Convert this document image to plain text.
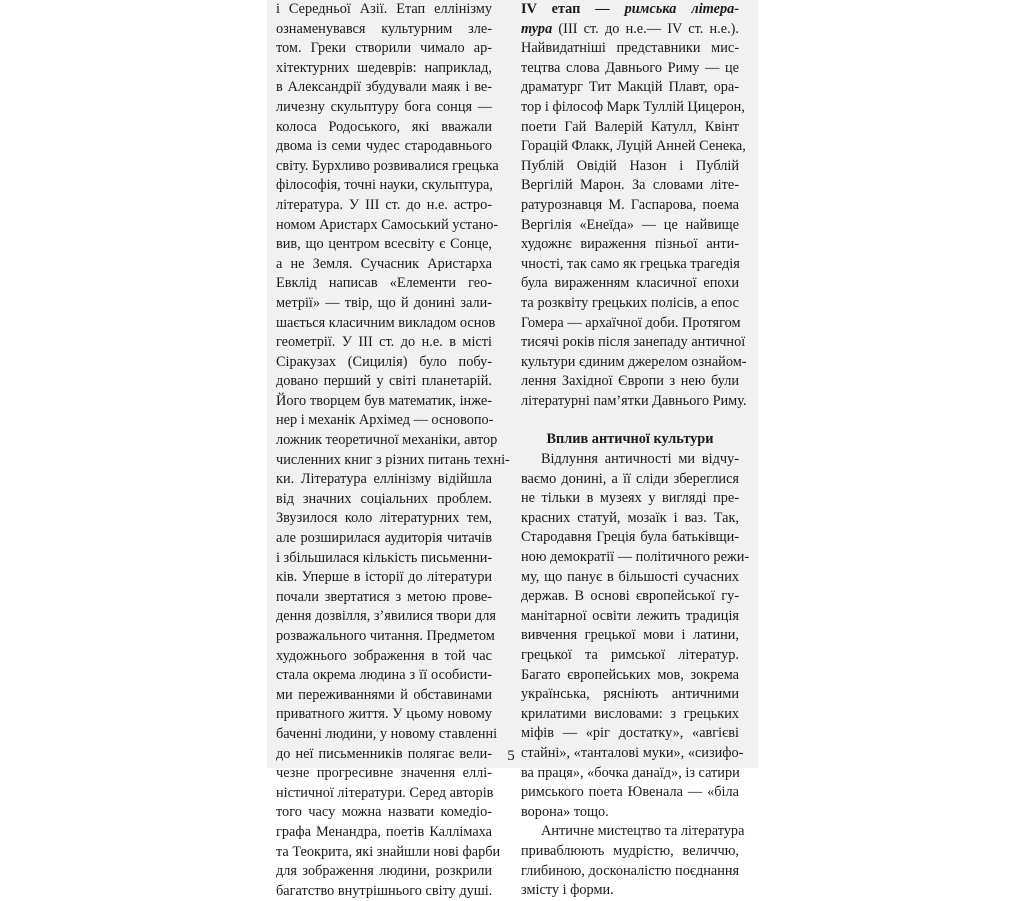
і Середньої Азії. Етап еллінізму
ознаменувався культурним зле-
том. Греки створили чимало ар-
хітектурних шедеврів: наприклад,
в Александрії збудували маяк і ве-
личезну скульптуру бога сонця —
колоса Родоського, які вважали
двома із семи чудес стародавнього
світу. Бурхливо розвивалися грецька
філософія, точні науки, скульптура,
література. У ІІІ ст. до н.е. астро-
номом Аристарх Самоський устано-
вив, що центром всесвіту є Сонце,
а не Земля. Сучасник Аристарха
Евклід написав «Елементи гео-
метрії» — твір, що й донині зали-
шається класичним викладом основ
геометрії. У ІІІ ст. до н.е. в місті
Сіракузах (Сицилія) було побу-
довано перший у світі планетарій.
Його творцем був математик, інже-
нер і механік Архімед — основопо-
ложник теоретичної механіки, автор
численних книг з різних питань техні-
ки. Література еллінізму відійшла
від значних соціальних проблем.
Звузилося коло літературних тем,
але розширилася аудиторія читачів
і збільшилася кількість письменни-
ків. Уперше в історії до літератури
почали звертатися з метою прове-
дення дозвілля, з’явилися твори для
розважального читання. Предметом
художнього зображення в той час
стала окрема людина з її особисти-
ми переживаннями й обставинами
приватного життя. У цьому новому
баченні людини, у новому ставленні
до неї письменників полягає вели-
чезне прогресивне значення еллі-
ністичної літератури. Серед авторів
того часу можна назвати комедіо-
графа Менандра, поетів Каллімаха
та Теокрита, які знайшли нові фарби
для зображення людини, розкрили
багатство внутрішнього світу душі.
IV етап — римська літера-
тура (ІІІ ст. до н.е.— IV ст. н.е.).
Найвидатніші представники мис-
тецтва слова Давнього Риму — це
драматург Тит Макцій Плавт, ора-
тор і філософ Марк Туллій Цицерон,
поети Гай Валерій Катулл, Квінт
Горацій Флакк, Луцій Анней Сенека,
Публій Овідій Назон і Публій
Вергілій Марон. За словами літе-
ратурознавця М. Гаспарова, поема
Вергілія «Енеїда» — це найвище
художнє вираження пізньої анти-
чності, так само як грецька трагедія
була вираженням класичної епохи
та розквіту грецьких полісів, а епос
Гомера — архаїчної доби. Протягом
тисячі років після занепаду античної
культури єдиним джерелом ознайом-
лення Західної Європи з нею були
літературні пам’ятки Давнього Риму.
Вплив античної культури
Відлуння античності ми відчу-
ваємо донині, а її сліди збереглися
не тільки в музеях у вигляді пре-
красних статуй, мозаїк і ваз. Так,
Стародавня Греція була батьківщи-
ною демократії — політичного режи-
му, що панує в більшості сучасних
держав. В основі європейської гу-
манітарної освіти лежить традиція
вивчення грецької мови і латини,
грецької та римської літератур.
Багато європейських мов, зокрема
українська, рясніють античними
крилатими висловами: з грецьких
міфів — «ріг достатку», «авгієві
стайні», «танталові муки», «сизифо-
ва праця», «бочка данаїд», із сатири
римського поета Ювенала — «біла
ворона» тощо.
Античне мистецтво та література
приваблюють мудрістю, величчю,
глибиною, досконалістю поєднання
змісту і форми.
5
